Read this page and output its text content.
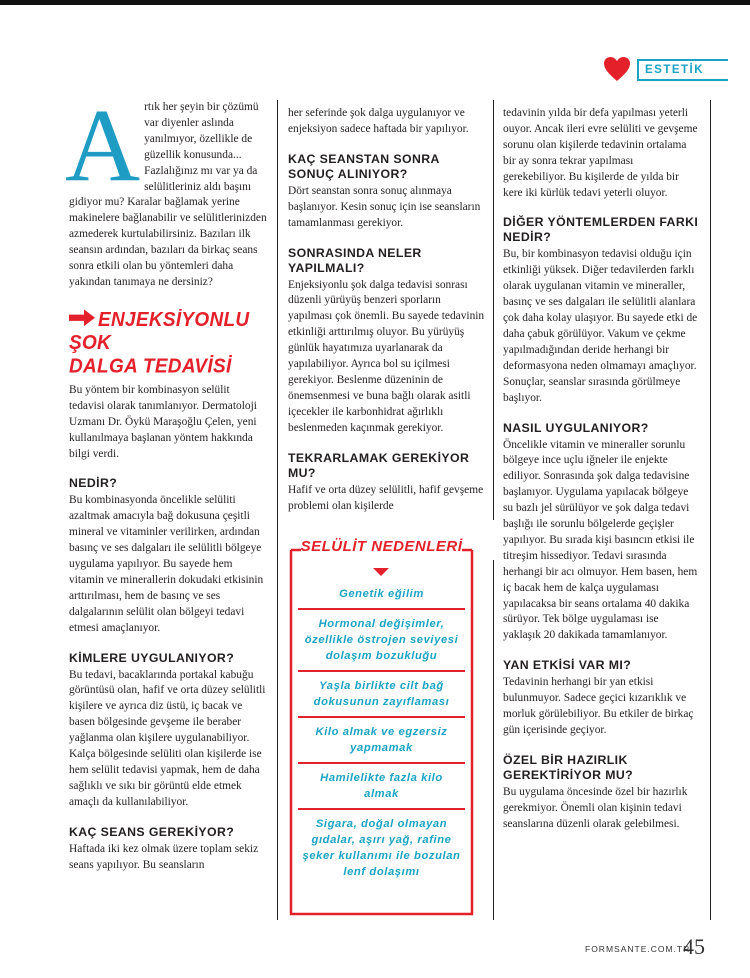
ESTETİK

A rtık her şeyin bir çözümü var diyenler aslında yanılmıyor, özellikle de güzellik konusunda... Fazlalığınız mı var ya da selülitleriniz aldı başını gidiyor mu? Karalar bağlamak yerine makinelere bağlanabilir ve selülitlerinizden azmederek kurtulabilirsiniz. Bazıları ilk seansın ardından, bazıları da birkaç seans sonra etkili olan bu yöntemleri daha yakından tanımaya ne dersiniz?

ENJEKSİYONLU ŞOK
DALGA TEDAVİSİ

Bu yöntem bir kombinasyon selülit tedavisi olarak tanımlanıyor. Dermatoloji Uzmanı Dr. Öykü Maraşoğlu Çelen, yeni kullanılmaya başlanan yöntem hakkında bilgi verdi.

NEDİR?

Bu kombinasyonda öncelikle selüliti azaltmak amacıyla bağ dokusuna çeşitli mineral ve vitaminler verilirken, ardından basınç ve ses dalgaları ile selülitli bölgeye uygulama yapılıyor. Bu sayede hem vitamin ve minerallerin dokudaki etkisinin arttırılması, hem de basınç ve ses dalgalarının selülit olan bölgeyi tedavi etmesi amaçlanıyor.

KİMLERE UYGULANIYOR?

Bu tedavi, bacaklarında portakal kabuğu görüntüsü olan, hafif ve orta düzey selülitli kişilere ve ayrıca diz üstü, iç bacak ve basen bölgesinde gevşeme ile beraber yağlanma olan kişilere uygulanabiliyor. Kalça bölgesinde selüliti olan kişilerde ise hem selülit tedavisi yapmak, hem de daha sağlıklı ve sıkı bir görüntü elde etmek amaçlı da kullanılabiliyor.

KAÇ SEANS GEREKİYOR?

Haftada iki kez olmak üzere toplam sekiz seans yapılıyor. Bu seansların

her seferinde şok dalga uygulanıyor ve enjeksiyon sadece haftada bir yapılıyor.

KAÇ SEANSTAN SONRA SONUÇ ALINIYOR?

Dört seanstan sonra sonuç alınmaya başlanıyor. Kesin sonuç için ise seansların tamamlanması gerekiyor.

SONRASINDA NELER YAPILMALI?

Enjeksiyonlu şok dalga tedavisi sonrası düzenli yürüyüş benzeri sporların yapılması çok önemli. Bu sayede tedavinin etkinliği arttırılmış oluyor. Bu yürüyüş günlük hayatımıza uyarlanarak da yapılabiliyor. Ayrıca bol su içilmesi gerekiyor. Beslenme düzeninin de önemsenmesi ve buna bağlı olarak asitli içecekler ile karbonhidrat ağırlıklı beslenmeden kaçınmak gerekiyor.

TEKRARLAMAK GEREKİYOR MU?

Hafif ve orta düzey selülitli, hafif gevşeme problemi olan kişilerde

SELÜLİT NEDENLERİ
Genetik eğilim
Hormonal değişimler, özellikle östrojen seviyesi dolaşım bozukluğu
Yaşla birlikte cilt bağ dokusunun zayıflaması
Kilo almak ve egzersiz yapmamak
Hamilelikte fazla kilo almak
Sigara, doğal olmayan gıdalar, aşırı yağ, rafine şeker kullanımı ile bozulan lenf dolaşımı

tedavinin yılda bir defa yapılması yeterli ouyor. Ancak ileri evre selüliti ve gevşeme sorunu olan kişilerde tedavinin ortalama bir ay sonra tekrar yapılması gerekebiliyor. Bu kişilerde de yılda bir kere iki kürlük tedavi yeterli oluyor.

DİĞER YÖNTEMLERDEN FARKI NEDİR?

Bu, bir kombinasyon tedavisi olduğu için etkinliği yüksek. Diğer tedavilerden farklı olarak uygulanan vitamin ve mineraller, basınç ve ses dalgaları ile selülitli alanlara çok daha kolay ulaşıyor. Bu sayede etki de daha çabuk görülüyor. Vakum ve çekme yapılmadığından deride herhangi bir deformasyona neden olmamayı amaçlıyor. Sonuçlar, seanslar sırasında görülmeye başlıyor.

NASIL UYGULANIYOR?

Öncelikle vitamin ve mineraller sorunlu bölgeye ince uçlu iğneler ile enjekte ediliyor. Sonrasında şok dalga tedavisine başlanıyor. Uygulama yapılacak bölgeye su bazlı jel sürülüyor ve şok dalga tedavi başlığı ile sorunlu bölgelerde geçişler yapılıyor. Bu sırada kişi basıncın etkisi ile titreşim hissediyor. Tedavi sırasında herhangi bir acı olmuyor. Hem basen, hem iç bacak hem de kalça uygulaması yapılacaksa bir seans ortalama 40 dakika sürüyor. Tek bölge uygulaması ise yaklaşık 20 dakikada tamamlanıyor.

YAN ETKİSİ VAR MI?

Tedavinin herhangi bir yan etkisi bulunmuyor. Sadece geçici kızarıklık ve morluk görülebiliyor. Bu etkiler de birkaç gün içerisinde geçiyor.

ÖZEL BİR HAZIRLIK GEREKTİRİYOR MU?

Bu uygulama öncesinde özel bir hazırlık gerekmiyor. Önemli olan kişinin tedavi seanslarına düzenli olarak gelebilmesi.

FORMSANTE.COM.TR
45
